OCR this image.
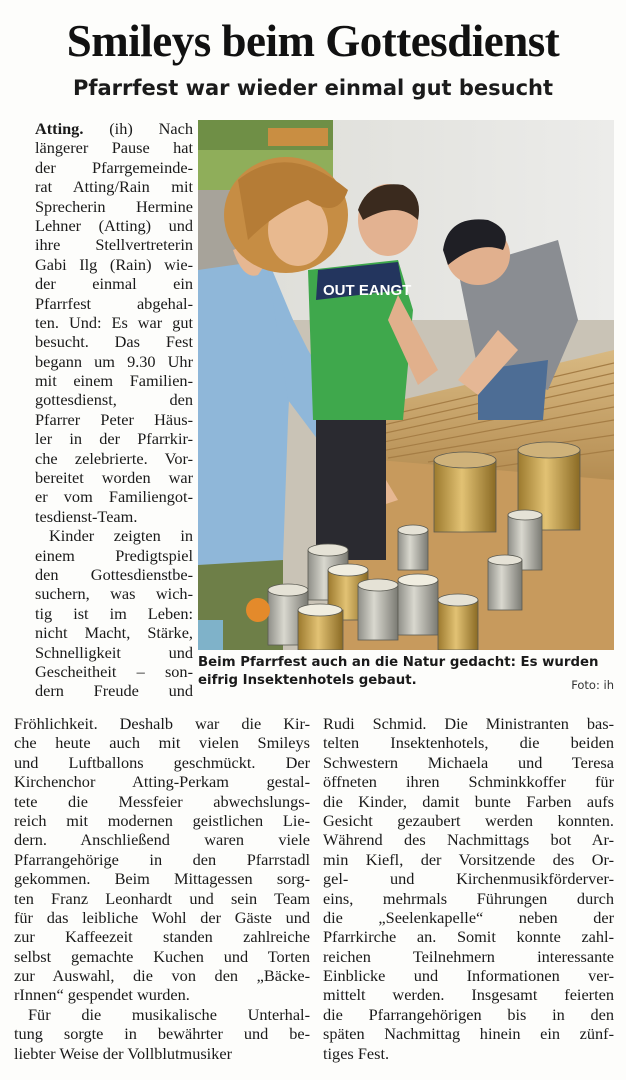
Smileys beim Gottesdienst
Pfarrfest war wieder einmal gut besucht
Atting. (ih) Nach
längerer Pause hat
der Pfarrgemeinde-
rat Atting/Rain mit
Sprecherin Hermine
Lehner (Atting) und
ihre Stellvertreterin
Gabi Ilg (Rain) wie-
der einmal ein
Pfarrfest abgehal-
ten. Und: Es war gut
besucht. Das Fest
begann um 9.30 Uhr
mit einem Familien-
gottesdienst, den
Pfarrer Peter Häus-
ler in der Pfarrkir-
che zelebrierte. Vor-
bereitet worden war
er vom Familiengot-
tesdienst-Team.
Kinder zeigten in
einem Predigtspiel
den Gottesdienstbe-
suchern, was wich-
tig ist im Leben:
nicht Macht, Stärke,
Schnelligkeit und
Gescheitheit – son-
dern Freude und
OUT EANGT
Beim Pfarrfest auch an die Natur gedacht: Es wurden
eifrig Insektenhotels gebaut.	Foto: ih
Fröhlichkeit. Deshalb war die Kir-
che heute auch mit vielen Smileys
und Luftballons geschmückt. Der
Kirchenchor Atting-Perkam gestal-
tete die Messfeier abwechslungs-
reich mit modernen geistlichen Lie-
dern. Anschließend waren viele
Pfarrangehörige in den Pfarrstadl
gekommen. Beim Mittagessen sorg-
ten Franz Leonhardt und sein Team
für das leibliche Wohl der Gäste und
zur Kaffeezeit standen zahlreiche
selbst gemachte Kuchen und Torten
zur Auswahl, die von den „Bäcke-
rInnen“ gespendet wurden.
Für die musikalische Unterhal-
tung sorgte in bewährter und be-
liebter Weise der Vollblutmusiker
Rudi Schmid. Die Ministranten bas-
telten Insektenhotels, die beiden
Schwestern Michaela und Teresa
öffneten ihren Schminkkoffer für
die Kinder, damit bunte Farben aufs
Gesicht gezaubert werden konnten.
Während des Nachmittags bot Ar-
min Kiefl, der Vorsitzende des Or-
gel- und Kirchenmusikförderver-
eins, mehrmals Führungen durch
die „Seelenkapelle“ neben der
Pfarrkirche an. Somit konnte zahl-
reichen Teilnehmern interessante
Einblicke und Informationen ver-
mittelt werden. Insgesamt feierten
die Pfarrangehörigen bis in den
späten Nachmittag hinein ein zünf-
tiges Fest.
